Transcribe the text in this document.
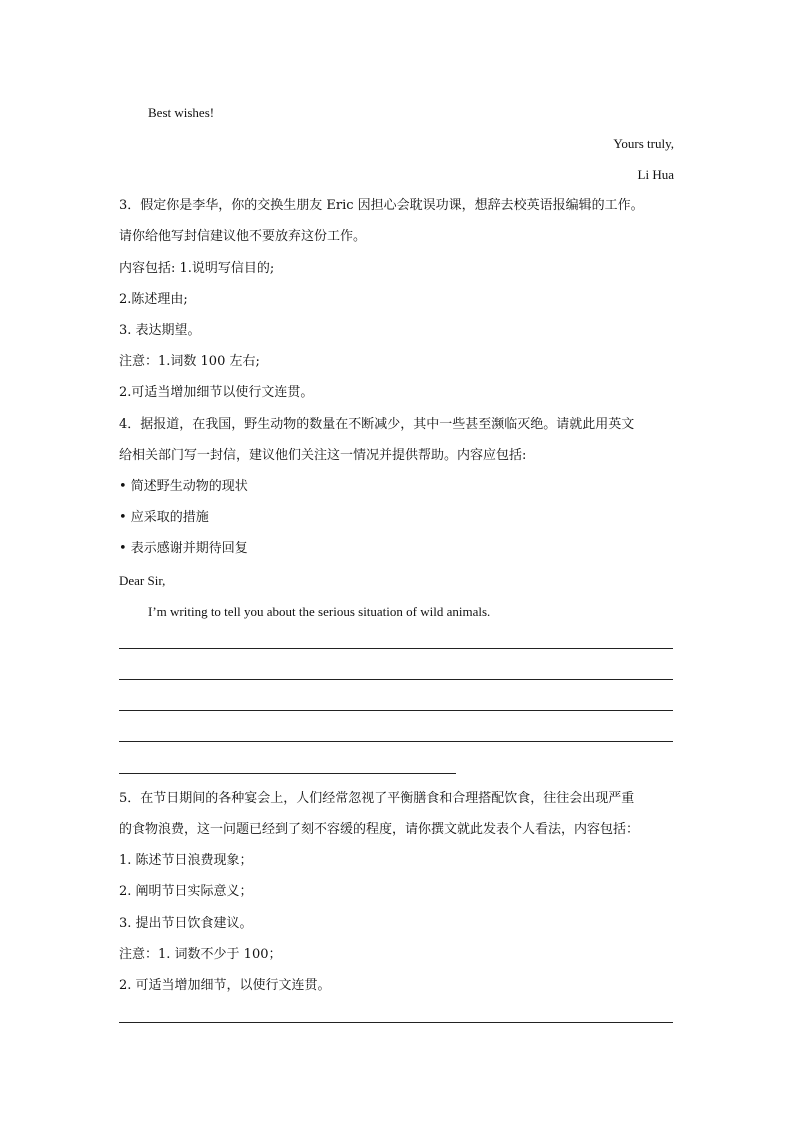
Best wishes!
Yours truly,
Li Hua
3．假定你是李华，你的交换生朋友 Eric 因担心会耽误功课，想辞去校英语报编辑的工作。
请你给他写封信建议他不要放弃这份工作。
内容包括: 1.说明写信目的;
2.陈述理由;
3. 表达期望。
注意：1.词数 100 左右;
2.可适当增加细节以使行文连贯。
4．据报道，在我国，野生动物的数量在不断减少，其中一些甚至濒临灭绝。请就此用英文
给相关部门写一封信，建议他们关注这一情况并提供帮助。内容应包括:
• 简述野生动物的现状
• 应采取的措施
• 表示感谢并期待回复
Dear Sir,
I’m writing to tell you about the serious situation of wild animals.
5．在节日期间的各种宴会上，人们经常忽视了平衡膳食和合理搭配饮食，往往会出现严重
的食物浪费，这一问题已经到了刻不容缓的程度，请你撰文就此发表个人看法，内容包括：
1. 陈述节日浪费现象；
2. 阐明节日实际意义；
3. 提出节日饮食建议。
注意：1. 词数不少于 100；
2. 可适当增加细节，以使行文连贯。
